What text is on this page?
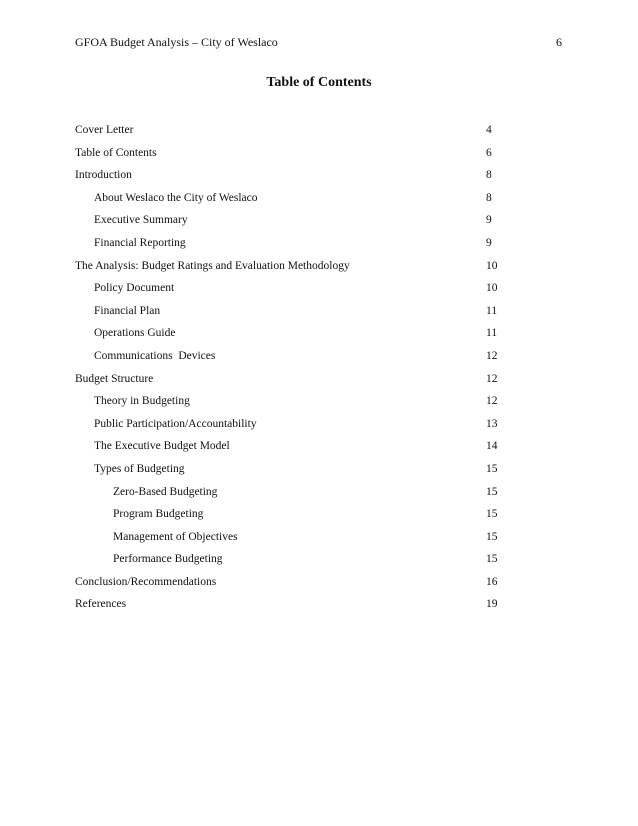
GFOA Budget Analysis – City of Weslaco	6
Table of Contents
Cover Letter	4
Table of Contents	6
Introduction	8
About Weslaco the City of Weslaco	8
Executive Summary	9
Financial Reporting	9
The Analysis: Budget Ratings and Evaluation Methodology	10
Policy Document	10
Financial Plan	11
Operations Guide	11
Communications  Devices	12
Budget Structure	12
Theory in Budgeting	12
Public Participation/Accountability	13
The Executive Budget Model	14
Types of Budgeting	15
Zero-Based Budgeting	15
Program Budgeting	15
Management of Objectives	15
Performance Budgeting	15
Conclusion/Recommendations	16
References	19
